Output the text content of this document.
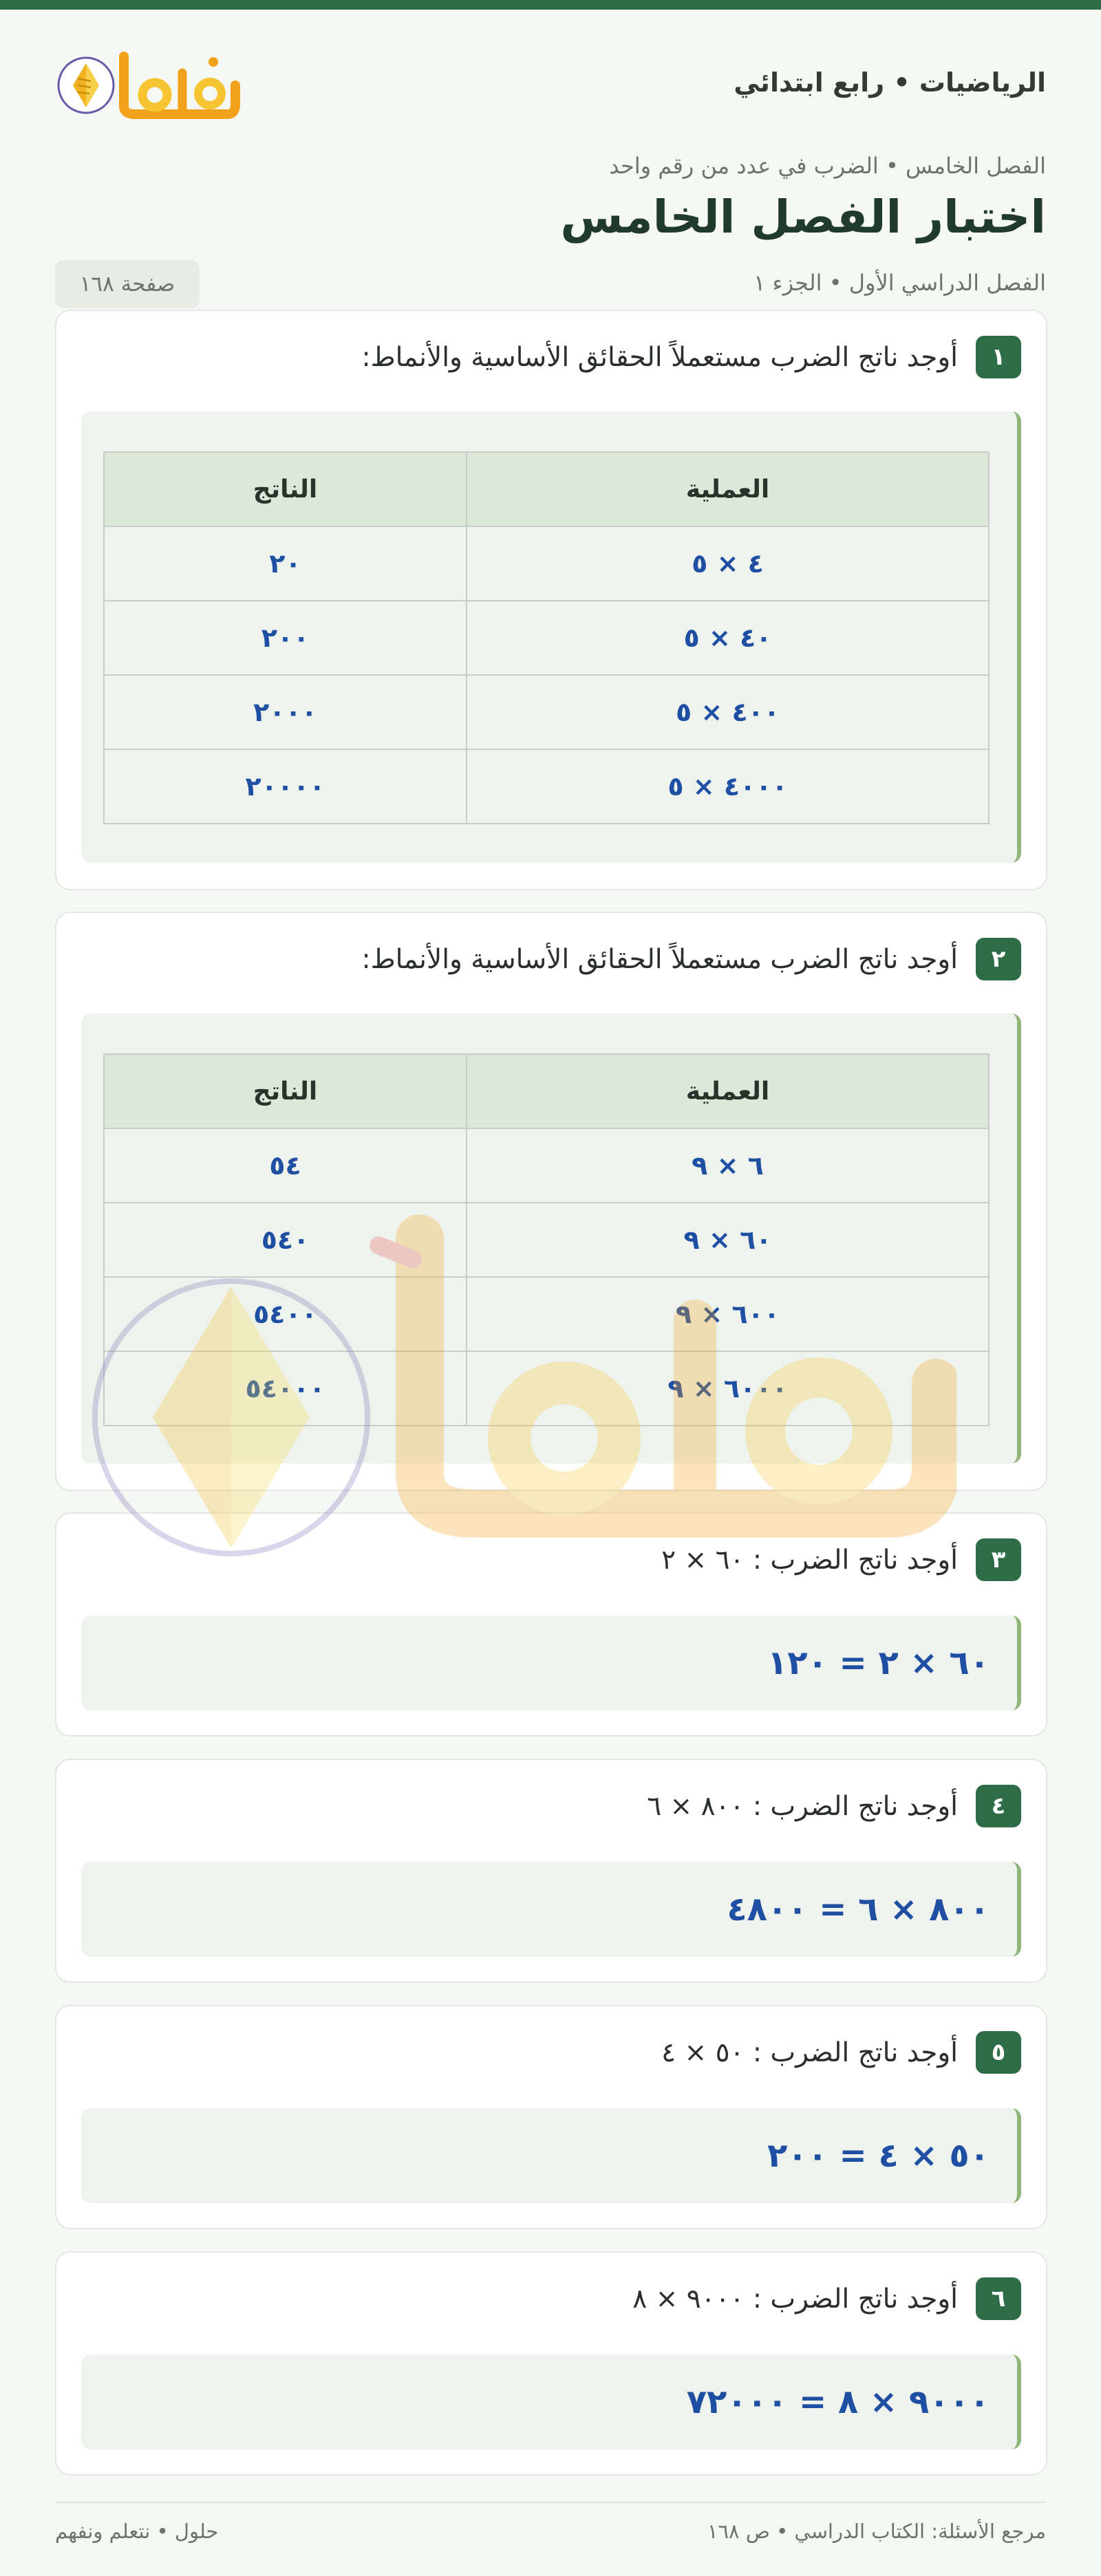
الرياضيات • رابع ابتدائي
الفصل الخامس • الضرب في عدد من رقم واحد
اختبار الفصل الخامس
الفصل الدراسي الأول • الجزء ١
صفحة ١٦٨
١
أوجد ناتج الضرب مستعملاً الحقائق الأساسية والأنماط:
العملية	الناتج
٤ × ٥	٢٠
٤٠ × ٥	٢٠٠
٤٠٠ × ٥	٢٠٠٠
٤٠٠٠ × ٥	٢٠٠٠٠
٢
أوجد ناتج الضرب مستعملاً الحقائق الأساسية والأنماط:
العملية	الناتج
٦ × ٩	٥٤
٦٠ × ٩	٥٤٠
٦٠٠ × ٩	٥٤٠٠
٦٠٠٠ × ٩	٥٤٠٠٠
٣
أوجد ناتج الضرب : ٦٠ × ٢
٦٠ × ٢ = ١٢٠
٤
أوجد ناتج الضرب : ٨٠٠ × ٦
٨٠٠ × ٦ = ٤٨٠٠
٥
أوجد ناتج الضرب : ٥٠ × ٤
٥٠ × ٤ = ٢٠٠
٦
أوجد ناتج الضرب : ٩٠٠٠ × ٨
٩٠٠٠ × ٨ = ٧٢٠٠٠
مرجع الأسئلة: الكتاب الدراسي • ص ١٦٨
حلول • نتعلم ونفهم
